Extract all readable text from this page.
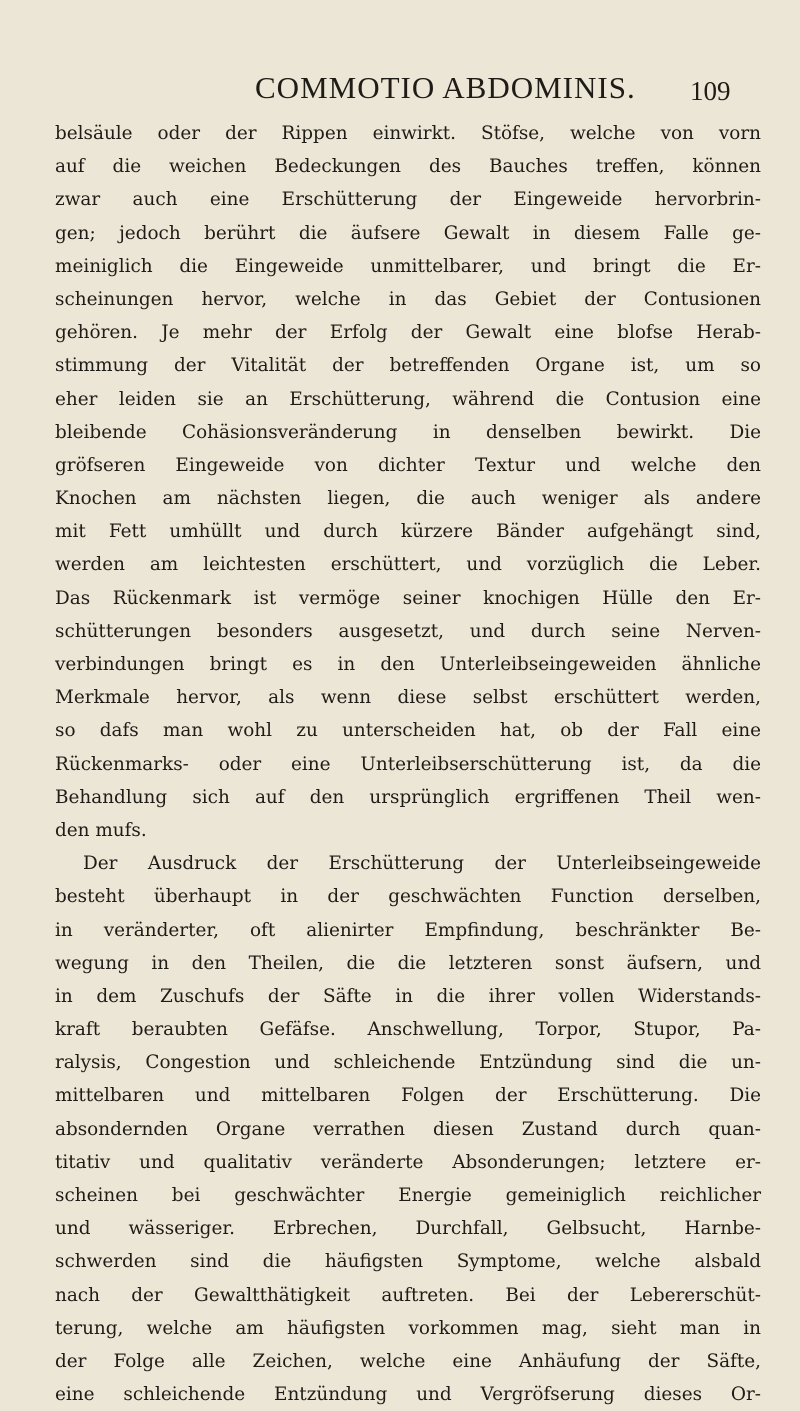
COMMOTIO ABDOMINIS. 109
belsäule oder der Rippen einwirkt. Stöfse, welche von vorn
auf die weichen Bedeckungen des Bauches treffen, können
zwar auch eine Erschütterung der Eingeweide hervorbrin-
gen; jedoch berührt die äufsere Gewalt in diesem Falle ge-
meiniglich die Eingeweide unmittelbarer, und bringt die Er-
scheinungen hervor, welche in das Gebiet der Contusionen
gehören. Je mehr der Erfolg der Gewalt eine blofse Herab-
stimmung der Vitalität der betreffenden Organe ist, um so
eher leiden sie an Erschütterung, während die Contusion eine
bleibende Cohäsionsveränderung in denselben bewirkt. Die
gröfseren Eingeweide von dichter Textur und welche den
Knochen am nächsten liegen, die auch weniger als andere
mit Fett umhüllt und durch kürzere Bänder aufgehängt sind,
werden am leichtesten erschüttert, und vorzüglich die Leber.
Das Rückenmark ist vermöge seiner knochigen Hülle den Er-
schütterungen besonders ausgesetzt, und durch seine Nerven-
verbindungen bringt es in den Unterleibseingeweiden ähnliche
Merkmale hervor, als wenn diese selbst erschüttert werden,
so dafs man wohl zu unterscheiden hat, ob der Fall eine
Rückenmarks- oder eine Unterleibserschütterung ist, da die
Behandlung sich auf den ursprünglich ergriffenen Theil wen-
den mufs.
Der Ausdruck der Erschütterung der Unterleibseingeweide
besteht überhaupt in der geschwächten Function derselben,
in veränderter, oft alienirter Empfindung, beschränkter Be-
wegung in den Theilen, die die letzteren sonst äufsern, und
in dem Zuschufs der Säfte in die ihrer vollen Widerstands-
kraft beraubten Gefäfse. Anschwellung, Torpor, Stupor, Pa-
ralysis, Congestion und schleichende Entzündung sind die un-
mittelbaren und mittelbaren Folgen der Erschütterung. Die
absondernden Organe verrathen diesen Zustand durch quan-
titativ und qualitativ veränderte Absonderungen; letztere er-
scheinen bei geschwächter Energie gemeiniglich reichlicher
und wässeriger. Erbrechen, Durchfall, Gelbsucht, Harnbe-
schwerden sind die häufigsten Symptome, welche alsbald
nach der Gewaltthätigkeit auftreten. Bei der Lebererschüt-
terung, welche am häufigsten vorkommen mag, sieht man in
der Folge alle Zeichen, welche eine Anhäufung der Säfte,
eine schleichende Entzündung und Vergröfserung dieses Or-
